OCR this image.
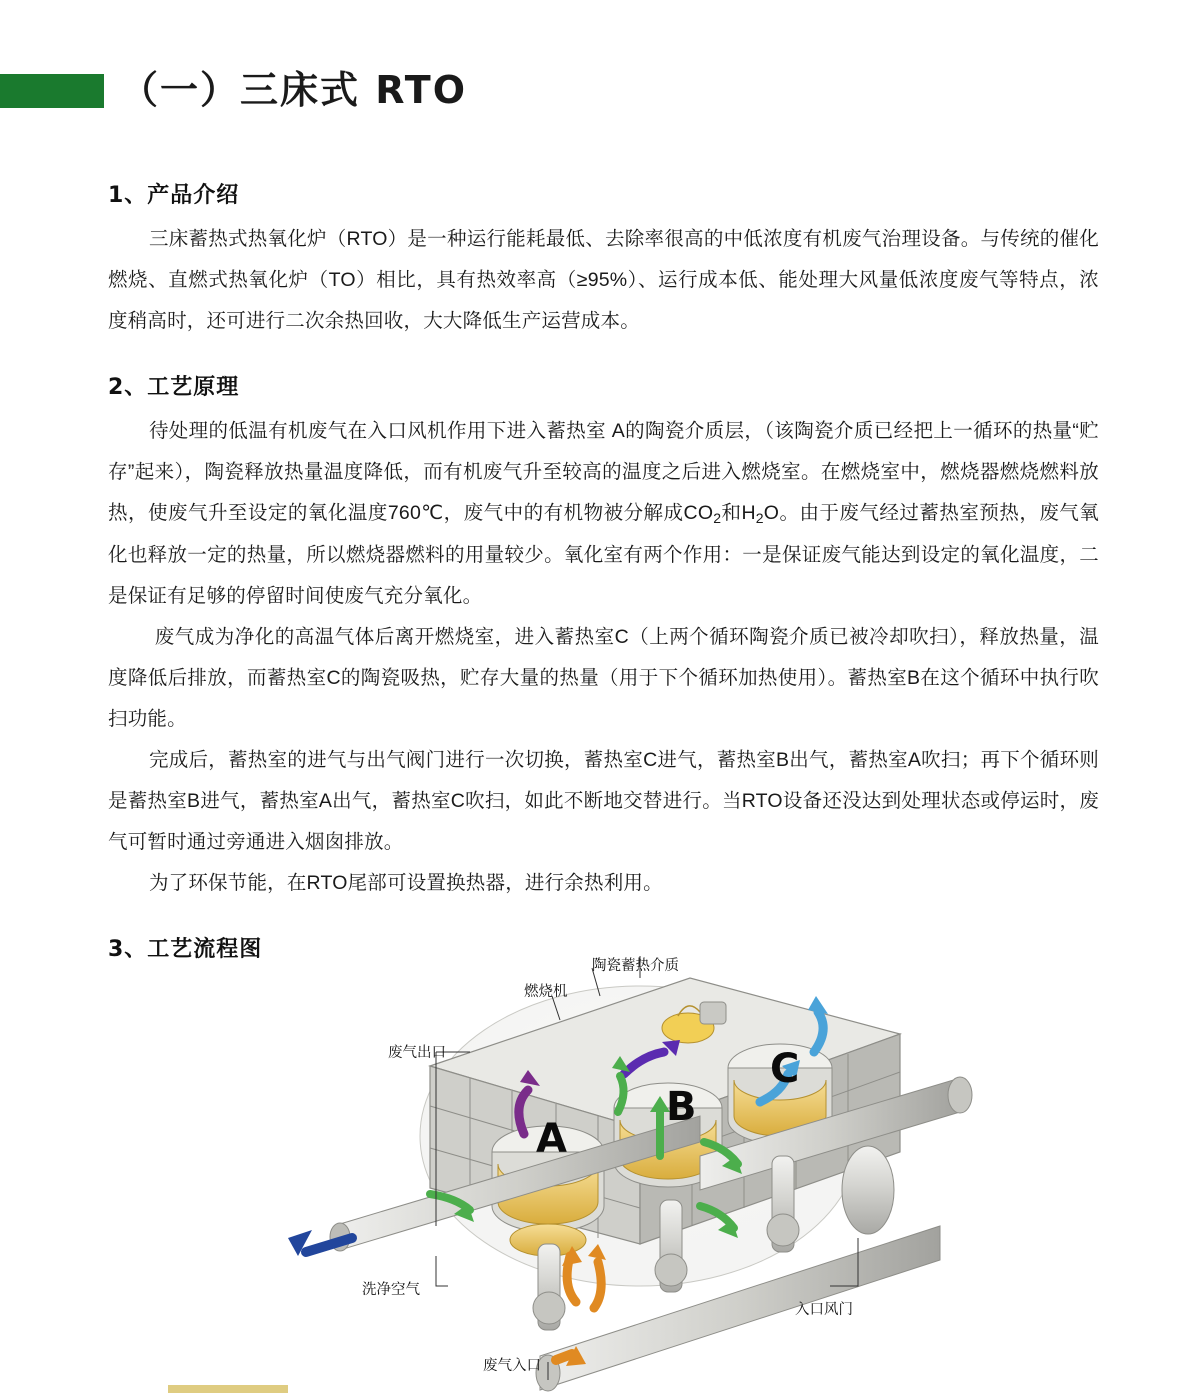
（一）三床式 RTO
1、产品介绍

三床蓄热式热氧化炉（RTO）是一种运行能耗最低、去除率很高的中低浓度有机废气治理设备。与传统的催化燃烧、直燃式热氧化炉（TO）相比，具有热效率高（≥95%）、运行成本低、能处理大风量低浓度废气等特点，浓度稍高时，还可进行二次余热回收，大大降低生产运营成本。

2、工艺原理

待处理的低温有机废气在入口风机作用下进入蓄热室 A的陶瓷介质层，（该陶瓷介质已经把上一循环的热量“贮存”起来），陶瓷释放热量温度降低，而有机废气升至较高的温度之后进入燃烧室。在燃烧室中，燃烧器燃烧燃料放热，使废气升至设定的氧化温度760℃，废气中的有机物被分解成$CO_2$和$H_2O$。由于废气经过蓄热室预热，废气氧化也释放一定的热量，所以燃烧器燃料的用量较少。氧化室有两个作用：一是保证废气能达到设定的氧化温度，二是保证有足够的停留时间使废气充分氧化。

废气成为净化的高温气体后离开燃烧室，进入蓄热室C（上两个循环陶瓷介质已被冷却吹扫），释放热量，温度降低后排放，而蓄热室C的陶瓷吸热，贮存大量的热量（用于下个循环加热使用）。蓄热室B在这个循环中执行吹扫功能。

完成后，蓄热室的进气与出气阀门进行一次切换，蓄热室C进气，蓄热室B出气，蓄热室A吹扫；再下个循环则是蓄热室B进气，蓄热室A出气，蓄热室C吹扫，如此不断地交替进行。当RTO设备还没达到处理状态或停运时，废气可暂时通过旁通进入烟囱排放。

为了环保节能，在RTO尾部可设置换热器，进行余热利用。

3、工艺流程图
陶瓷蓄热介质
燃烧机
废气出口
洗净空气
入口风门
废气入口
A
B
C
